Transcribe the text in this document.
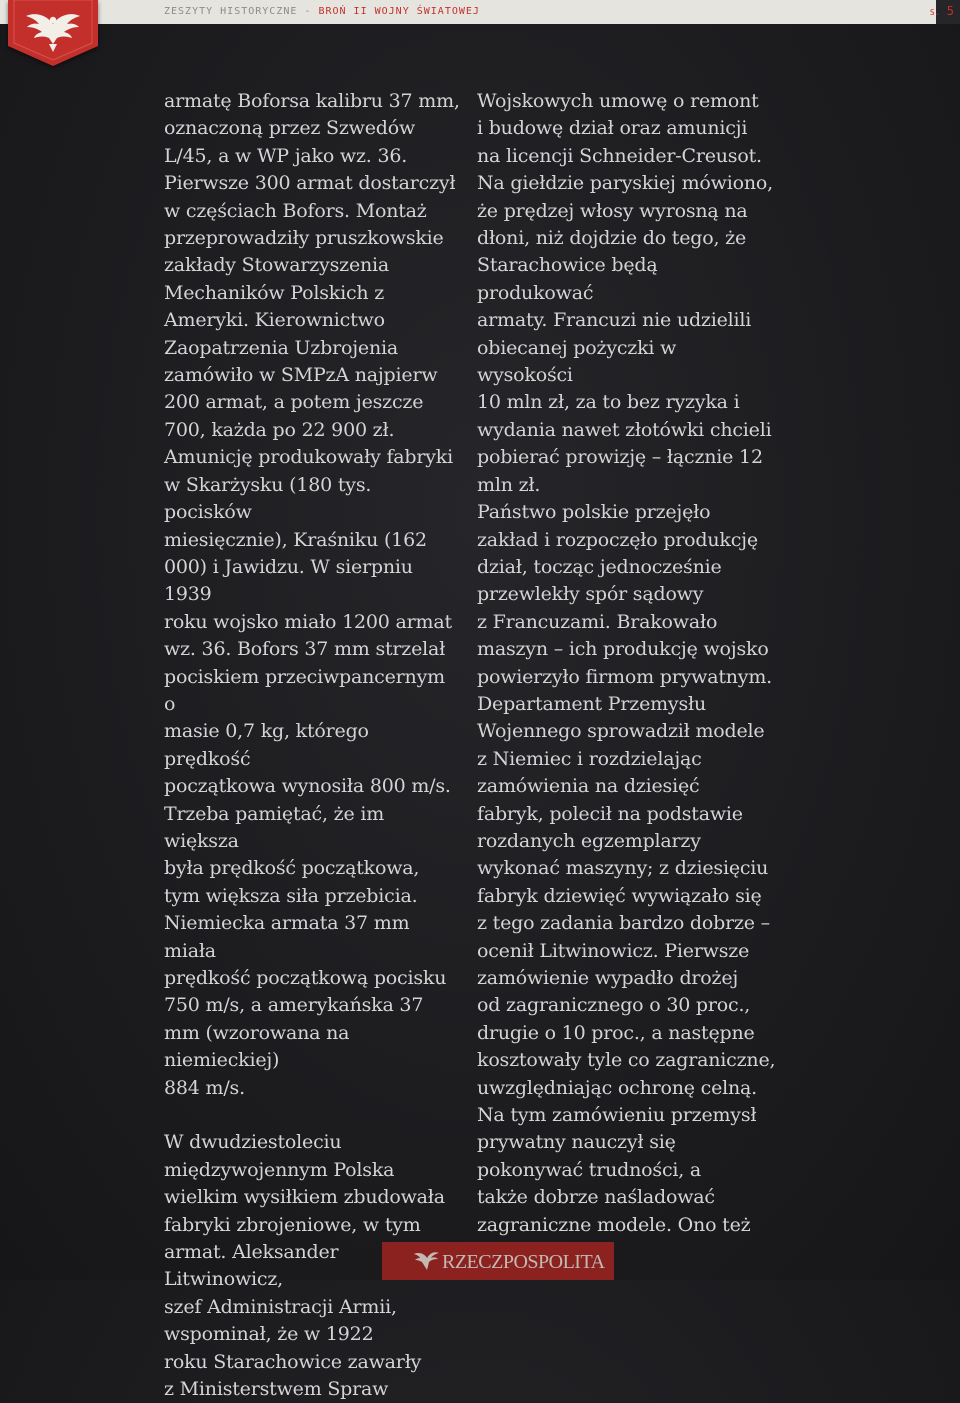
ZESZYTY HISTORYCZNE - BROŃ II WOJNY ŚWIATOWEJ	S. 5

armatę Boforsa kalibru 37 mm,

oznaczoną przez Szwedów

L/45, a w WP jako wz. 36.

Pierwsze 300 armat dostarczył

w częściach Bofors. Montaż

przeprowadziły pruszkowskie

zakłady Stowarzyszenia

Mechaników Polskich z

Ameryki. Kierownictwo

Zaopatrzenia Uzbrojenia

zamówiło w SMPzA najpierw

200 armat, a potem jeszcze

700, każda po 22 900 zł.

Amunicję produkowały fabryki

w Skarżysku (180 tys. pocisków

miesięcznie), Kraśniku (162

000) i Jawidzu. W sierpniu 1939

roku wojsko miało 1200 armat

wz. 36. Bofors 37 mm strzelał

pociskiem przeciwpancernym o

masie 0,7 kg, którego prędkość

początkowa wynosiła 800 m/s.

Trzeba pamiętać, że im większa

była prędkość początkowa,

tym większa siła przebicia.

Niemiecka armata 37 mm miała

prędkość początkową pocisku

750 m/s, a amerykańska 37

mm (wzorowana na niemieckiej)

884 m/s.

W dwudziestoleciu

międzywojennym Polska

wielkim wysiłkiem zbudowała

fabryki zbrojeniowe, w tym

armat. Aleksander Litwinowicz,

szef Administracji Armii,

wspominał, że w 1922

roku Starachowice zawarły

z Ministerstwem Spraw

Wojskowych umowę o remont

i budowę dział oraz amunicji

na licencji Schneider-Creusot.

Na giełdzie paryskiej mówiono,

że prędzej włosy wyrosną na

dłoni, niż dojdzie do tego, że

Starachowice będą produkować

armaty. Francuzi nie udzielili

obiecanej pożyczki w wysokości

10 mln zł, za to bez ryzyka i

wydania nawet złotówki chcieli

pobierać prowizję – łącznie 12

mln zł.

Państwo polskie przejęło

zakład i rozpoczęło produkcję

dział, tocząc jednocześnie

przewlekły spór sądowy

z Francuzami. Brakowało

maszyn – ich produkcję wojsko

powierzyło firmom prywatnym.

Departament Przemysłu

Wojennego sprowadził modele

z Niemiec i rozdzielając

zamówienia na dziesięć

fabryk, polecił na podstawie

rozdanych egzemplarzy

wykonać maszyny; z dziesięciu

fabryk dziewięć wywiązało się

z tego zadania bardzo dobrze –

ocenił Litwinowicz. Pierwsze

zamówienie wypadło drożej

od zagranicznego o 30 proc.,

drugie o 10 proc., a następne

kosztowały tyle co zagraniczne,

uwzględniając ochronę celną.

Na tym zamówieniu przemysł

prywatny nauczył się

pokonywać trudności, a

także dobrze naśladować

zagraniczne modele. Ono też

RZECZPOSPOLITA
